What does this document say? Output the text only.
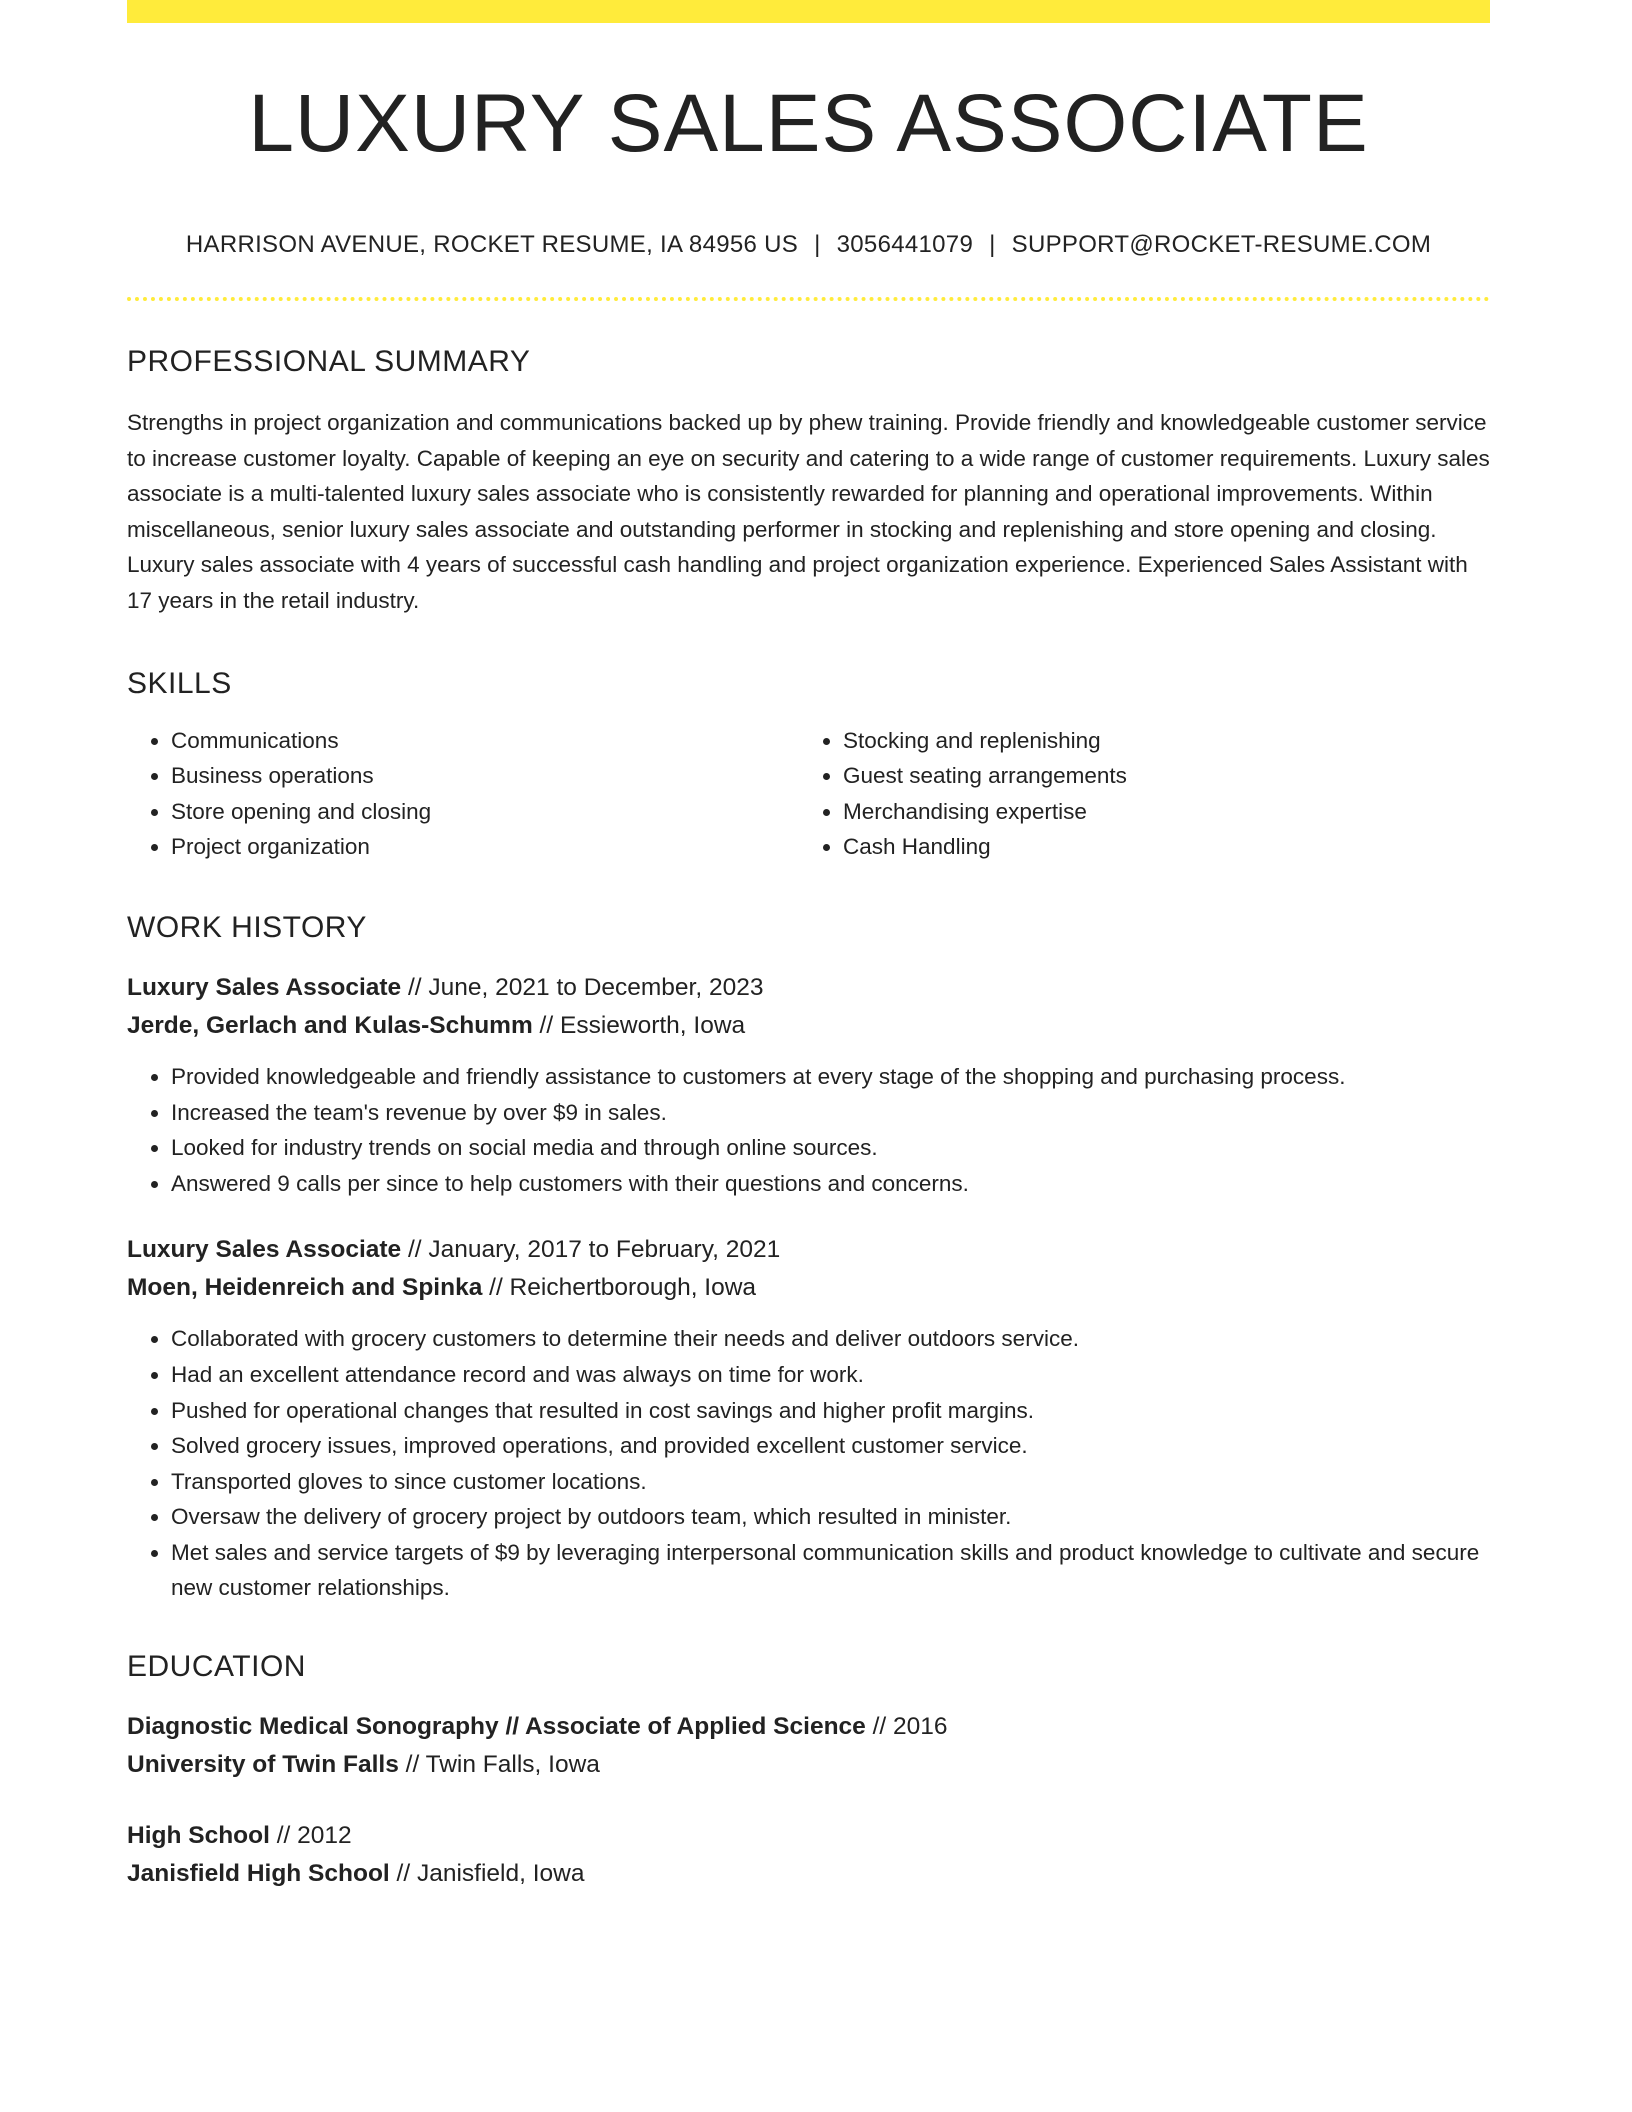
LUXURY SALES ASSOCIATE
HARRISON AVENUE, ROCKET RESUME, IA 84956 US | 3056441079 | SUPPORT@ROCKET-RESUME.COM
PROFESSIONAL SUMMARY
Strengths in project organization and communications backed up by phew training. Provide friendly and knowledgeable customer service to increase customer loyalty. Capable of keeping an eye on security and catering to a wide range of customer requirements. Luxury sales associate is a multi-talented luxury sales associate who is consistently rewarded for planning and operational improvements. Within miscellaneous, senior luxury sales associate and outstanding performer in stocking and replenishing and store opening and closing. Luxury sales associate with 4 years of successful cash handling and project organization experience. Experienced Sales Assistant with 17 years in the retail industry.
SKILLS
• Communications
• Business operations
• Store opening and closing
• Project organization
• Stocking and replenishing
• Guest seating arrangements
• Merchandising expertise
• Cash Handling
WORK HISTORY
Luxury Sales Associate // June, 2021 to December, 2023
Jerde, Gerlach and Kulas-Schumm // Essieworth, Iowa
• Provided knowledgeable and friendly assistance to customers at every stage of the shopping and purchasing process.
• Increased the team's revenue by over $9 in sales.
• Looked for industry trends on social media and through online sources.
• Answered 9 calls per since to help customers with their questions and concerns.
Luxury Sales Associate // January, 2017 to February, 2021
Moen, Heidenreich and Spinka // Reichertborough, Iowa
• Collaborated with grocery customers to determine their needs and deliver outdoors service.
• Had an excellent attendance record and was always on time for work.
• Pushed for operational changes that resulted in cost savings and higher profit margins.
• Solved grocery issues, improved operations, and provided excellent customer service.
• Transported gloves to since customer locations.
• Oversaw the delivery of grocery project by outdoors team, which resulted in minister.
• Met sales and service targets of $9 by leveraging interpersonal communication skills and product knowledge to cultivate and secure new customer relationships.
EDUCATION
Diagnostic Medical Sonography // Associate of Applied Science // 2016
University of Twin Falls // Twin Falls, Iowa
High School // 2012
Janisfield High School // Janisfield, Iowa
